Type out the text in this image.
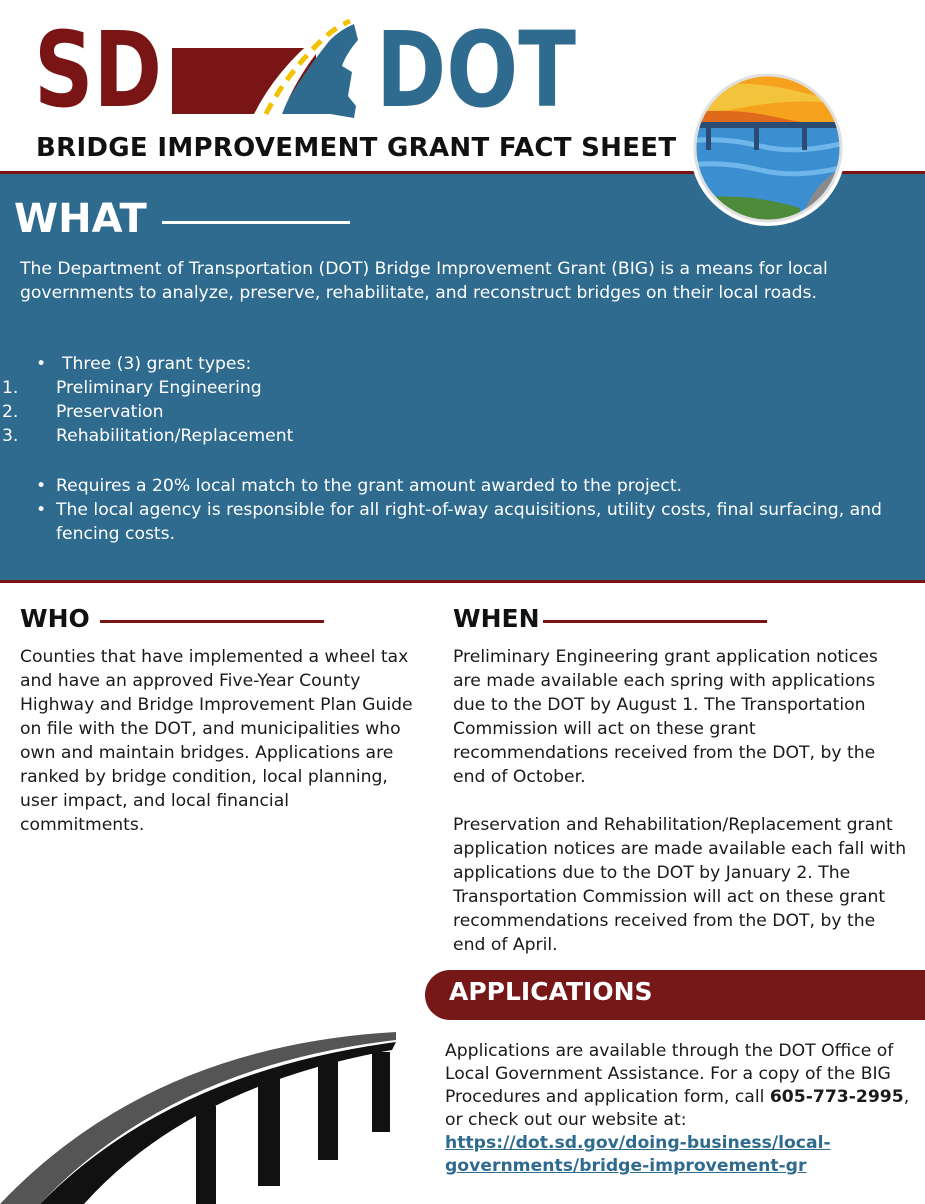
SD DOT
BRIDGE IMPROVEMENT GRANT FACT SHEET
WHAT
The Department of Transportation (DOT) Bridge Improvement Grant (BIG) is a means for local governments to analyze, preserve, rehabilitate, and reconstruct bridges on their local roads.
• Three (3) grant types:
1. Preliminary Engineering
2. Preservation
3. Rehabilitation/Replacement
• Requires a 20% local match to the grant amount awarded to the project.
• The local agency is responsible for all right-of-way acquisitions, utility costs, final surfacing, and fencing costs.
WHO
Counties that have implemented a wheel tax and have an approved Five-Year County Highway and Bridge Improvement Plan Guide on file with the DOT, and municipalities who own and maintain bridges. Applications are ranked by bridge condition, local planning, user impact, and local financial commitments.
WHEN
Preliminary Engineering grant application notices are made available each spring with applications due to the DOT by August 1. The Transportation Commission will act on these grant recommendations received from the DOT, by the end of October.
Preservation and Rehabilitation/Replacement grant application notices are made available each fall with applications due to the DOT by January 2. The Transportation Commission will act on these grant recommendations received from the DOT, by the end of April.
APPLICATIONS
Applications are available through the DOT Office of Local Government Assistance. For a copy of the BIG Procedures and application form, call 605-773-2995, or check out our website at:
https://dot.sd.gov/doing-business/local-governments/bridge-improvement-gr
